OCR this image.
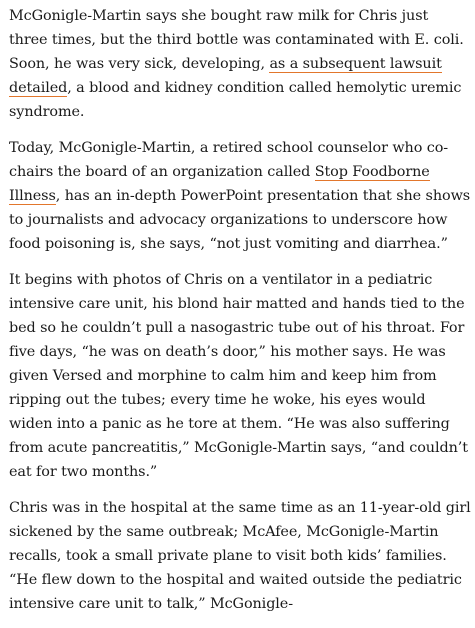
McGonigle-Martin says she bought raw milk for Chris just three times, but the third bottle was contaminated with E. coli. Soon, he was very sick, developing, as a subsequent lawsuit detailed, a blood and kidney condition called hemolytic uremic syndrome.

Today, McGonigle-Martin, a retired school counselor who co-chairs the board of an organization called Stop Foodborne Illness, has an in-depth PowerPoint presentation that she shows to journalists and advocacy organizations to underscore how food poisoning is, she says, “not just vomiting and diarrhea.”

It begins with photos of Chris on a ventilator in a pediatric intensive care unit, his blond hair matted and hands tied to the bed so he couldn’t pull a nasogastric tube out of his throat. For five days, “he was on death’s door,” his mother says. He was given Versed and morphine to calm him and keep him from ripping out the tubes; every time he woke, his eyes would widen into a panic as he tore at them. “He was also suffering from acute pancreatitis,” McGonigle-Martin says, “and couldn’t eat for two months.”

Chris was in the hospital at the same time as an 11-year-old girl sickened by the same outbreak; McAfee, McGonigle-Martin recalls, took a small private plane to visit both kids’ families. “He flew down to the hospital and waited outside the pediatric intensive care unit to talk,” McGonigle-
